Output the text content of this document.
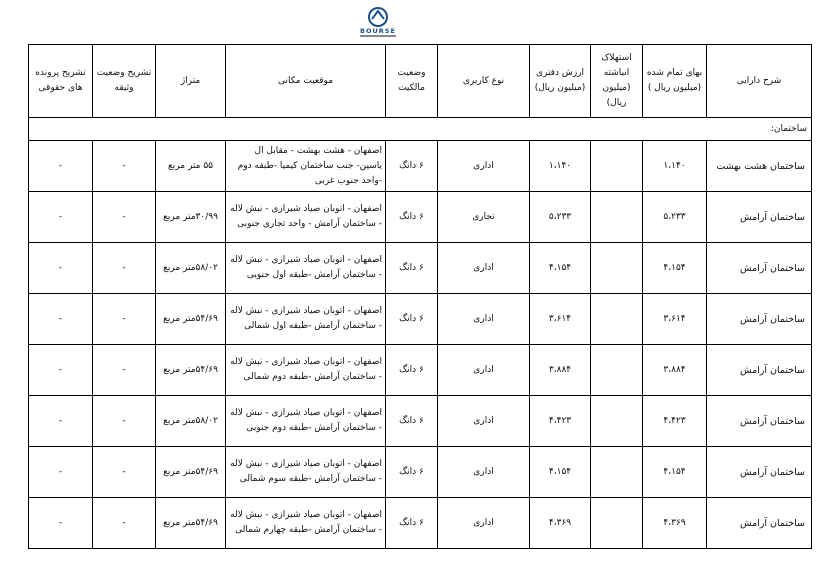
BOURSE
شرح دارایی	بهای تمام شده (میلیون ریال )	استهلاک انباشته (میلیون ریال)	ارزش دفتری (میلیون ریال)	نوع کاربری	وضعیت مالکیت	موقعیت مکانی	متراژ	تشریح وضعیت وثیقه	تشریح پرونده های حقوقی
ساختمان:									
ساختمان هشت بهشت	۱،۱۴۰		۱،۱۴۰	اداری	۶ دانگ	اصفهان - هشت بهشت - مقابل ال یاسین- جنب ساختمان کیمیا -طبقه دوم -واحد جنوب غربی	۵۵ متر مربع	-	-
ساختمان آرامش	۵،۲۳۳		۵،۲۳۳	تجاری	۶ دانگ	اصفهان - اتوبان صیاد شیرازی - نبش لاله - ساختمان آرامش - واحد تجاری جنوبی	۳۰/۹۹متر مربع	-	-
ساختمان آرامش	۴،۱۵۴		۴،۱۵۴	اداری	۶ دانگ	اصفهان - اتوبان صیاد شیرازی - نبش لاله - ساختمان آرامش -طبقه اول جنوبی	۵۸/۰۲متر مربع	-	-
ساختمان آرامش	۳،۶۱۴		۳،۶۱۴	اداری	۶ دانگ	اصفهان - اتوبان صیاد شیرازی - نبش لاله - ساختمان آرامش -طبقه اول شمالی	۵۴/۶۹متر مربع	-	-
ساختمان آرامش	۳،۸۸۴		۳،۸۸۴	اداری	۶ دانگ	اصفهان - اتوبان صیاد شیرازی - نبش لاله - ساختمان آرامش -طبقه دوم شمالی	۵۴/۶۹متر مربع	-	-
ساختمان آرامش	۴،۴۲۳		۴،۴۲۳	اداری	۶ دانگ	اصفهان - اتوبان صیاد شیرازی - نبش لاله - ساختمان آرامش -طبقه دوم جنوبی	۵۸/۰۲متر مربع	-	-
ساختمان آرامش	۴،۱۵۴		۴،۱۵۴	اداری	۶ دانگ	اصفهان - اتوبان صیاد شیرازی - نبش لاله - ساختمان آرامش -طبقه سوم شمالی	۵۴/۶۹متر مربع	-	-
ساختمان آرامش	۴،۳۶۹		۴،۳۶۹	اداری	۶ دانگ	اصفهان - اتوبان صیاد شیرازی - نبش لاله - ساختمان آرامش -طبقه چهارم شمالی	۵۴/۶۹متر مربع	-	-
